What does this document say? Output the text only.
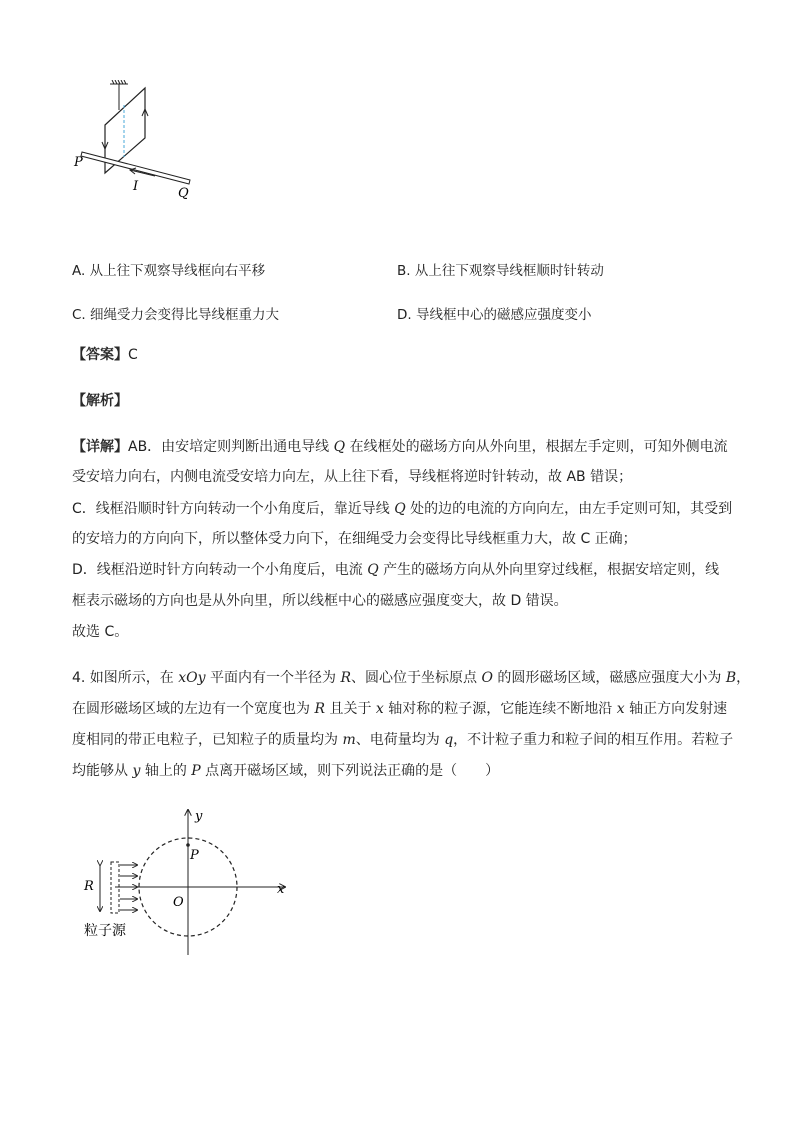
P
I	Q
A. 从上往下观察导线框向右平移	B. 从上往下观察导线框顺时针转动
C. 细绳受力会变得比导线框重力大	D. 导线框中心的磁感应强度变小
【答案】C
【解析】
【详解】AB．由安培定则判断出通电导线 Q 在线框处的磁场方向从外向里，根据左手定则，可知外侧电流
受安培力向右，内侧电流受安培力向左，从上往下看，导线框将逆时针转动，故 AB 错误；
C．线框沿顺时针方向转动一个小角度后，靠近导线 Q 处的边的电流的方向向左，由左手定则可知，其受到
的安培力的方向向下，所以整体受力向下，在细绳受力会变得比导线框重力大，故 C 正确；
D．线框沿逆时针方向转动一个小角度后，电流 Q 产生的磁场方向从外向里穿过线框，根据安培定则，线
框表示磁场的方向也是从外向里，所以线框中心的磁感应强度变大，故 D 错误。
故选 C。
4. 如图所示，在 xOy 平面内有一个半径为 R、圆心位于坐标原点 O 的圆形磁场区域，磁感应强度大小为 B，
在圆形磁场区域的左边有一个宽度也为 R 且关于 x 轴对称的粒子源，它能连续不断地沿 x 轴正方向发射速
度相同的带正电粒子，已知粒子的质量均为 m、电荷量均为 q，不计粒子重力和粒子间的相互作用。若粒子
均能够从 y 轴上的 P 点离开磁场区域，则下列说法正确的是（　　）
y
x
P
O
R
粒子源
